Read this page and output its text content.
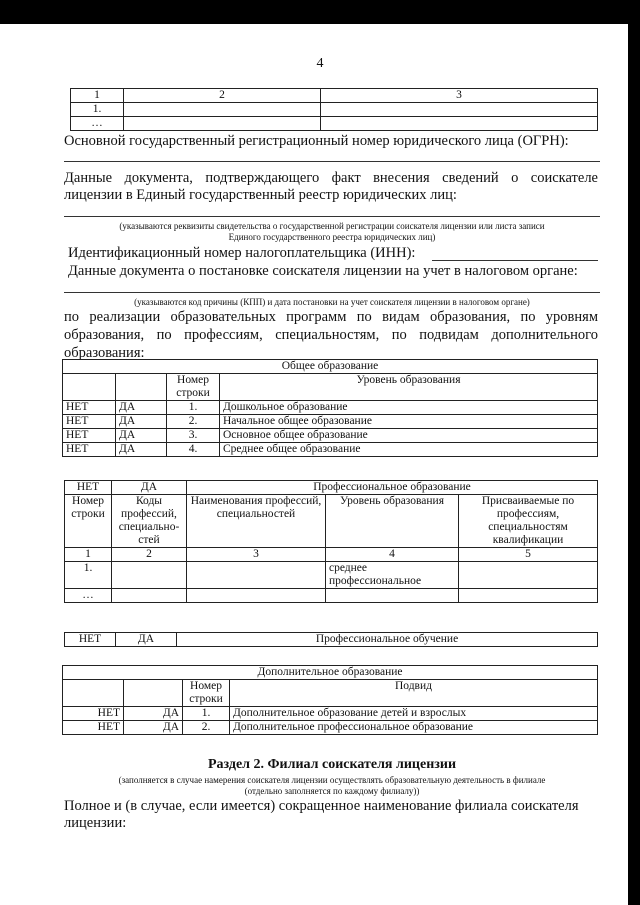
4
1	2	3
1.		
…		
Основной государственный регистрационный номер юридического лица (ОГРН):
Данные документа, подтверждающего факт внесения сведений о соискателе лицензии в Единый государственный реестр юридических лиц:
(указываются реквизиты свидетельства о государственной регистрации соискателя лицензии или листа записи
Единого государственного реестра юридических лиц)
Идентификационный номер налогоплательщика (ИНН):
Данные документа о постановке соискателя лицензии на учет в налоговом органе:
(указываются код причины (КПП) и дата постановки на учет соискателя лицензии в налоговом органе)
по реализации образовательных программ по видам образования, по уровням образования, по профессиям, специальностям, по подвидам дополнительного образования:
Общее образование			
		Номер строки	Уровень образования
НЕТ	ДА	1.	Дошкольное образование
НЕТ	ДА	2.	Начальное общее образование
НЕТ	ДА	3.	Основное общее образование
НЕТ	ДА	4.	Среднее общее образование
НЕТ	ДА	Профессиональное образование		
Номер строки	Коды профессий, специально-стей	Наименования профессий, специальностей	Уровень образования	Присваиваемые по профессиям, специальностям квалификации
1	2	3	4	5
1.			среднее профессиональное	
…				
НЕТ	ДА	Профессиональное обучение
Дополнительное образование			
		Номер строки	Подвид
НЕТ	ДА	1.	Дополнительное образование детей и взрослых
НЕТ	ДА	2.	Дополнительное профессиональное образование
Раздел 2. Филиал соискателя лицензии
(заполняется в случае намерения соискателя лицензии осуществлять образовательную деятельность в филиале
(отдельно заполняется по каждому филиалу))
Полное и (в случае, если имеется) сокращенное наименование филиала соискателя лицензии:
